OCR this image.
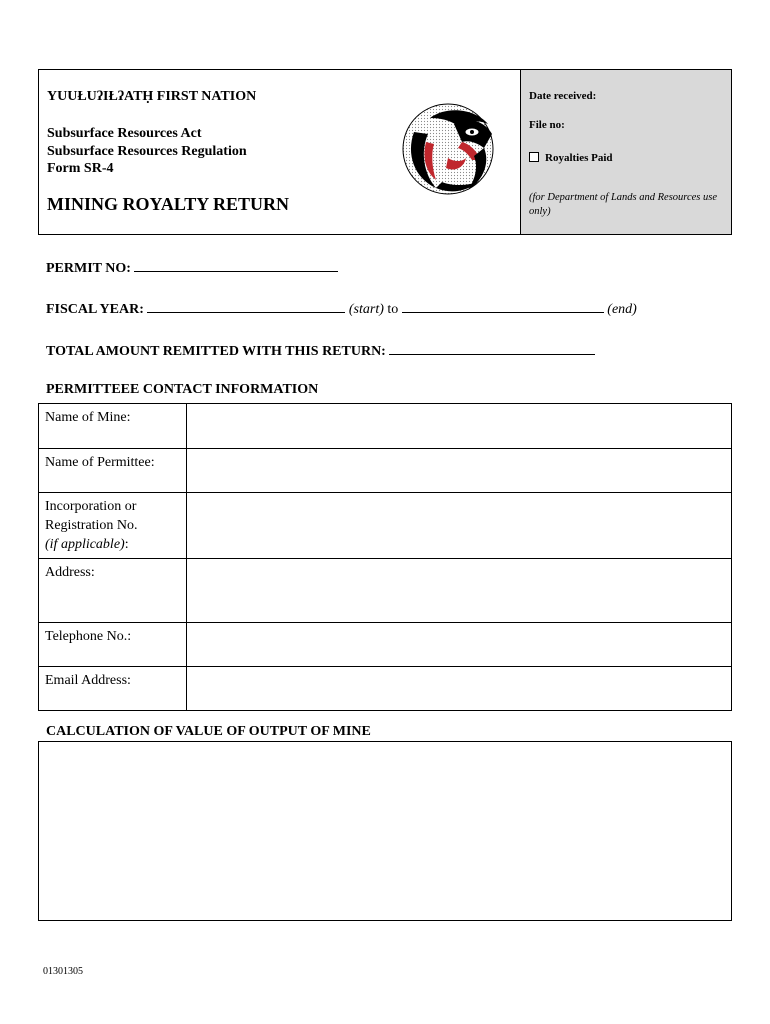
YUUŁUʔIŁʔATḤ FIRST NATION
Subsurface Resources Act
Subsurface Resources Regulation
Form SR-4
MINING ROYALTY RETURN
Date received:
File no:
Royalties Paid
(for Department of Lands and Resources use only)
PERMIT NO:
FISCAL YEAR:	(start) to	(end)
TOTAL AMOUNT REMITTED WITH THIS RETURN:
PERMITTEEE CONTACT INFORMATION
Name of Mine:	
Name of Permittee:	
Incorporation or Registration No.
(if applicable):	
Address:	
Telephone No.:	
Email Address:	
CALCULATION OF VALUE OF OUTPUT OF MINE
01301305
